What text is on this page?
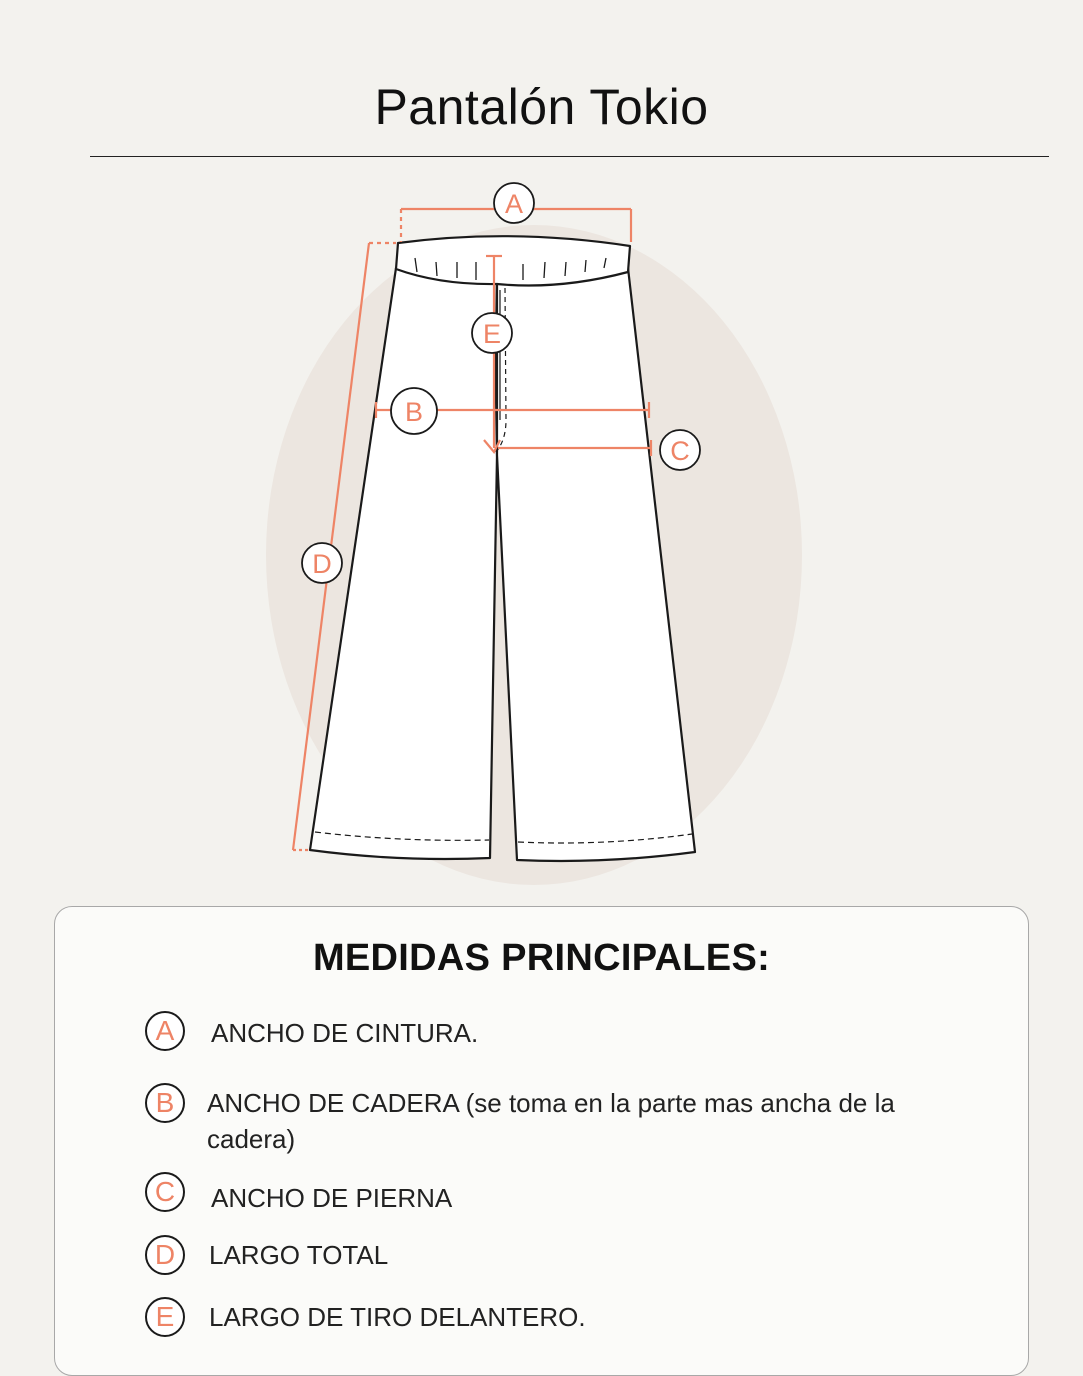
Pantalón Tokio
A
E
B
C
D
MEDIDAS PRINCIPALES:
A	ANCHO DE CINTURA.
B	ANCHO DE CADERA (se toma en la parte mas ancha de la cadera)
C	ANCHO DE PIERNA
D	LARGO TOTAL
E	LARGO DE TIRO DELANTERO.
